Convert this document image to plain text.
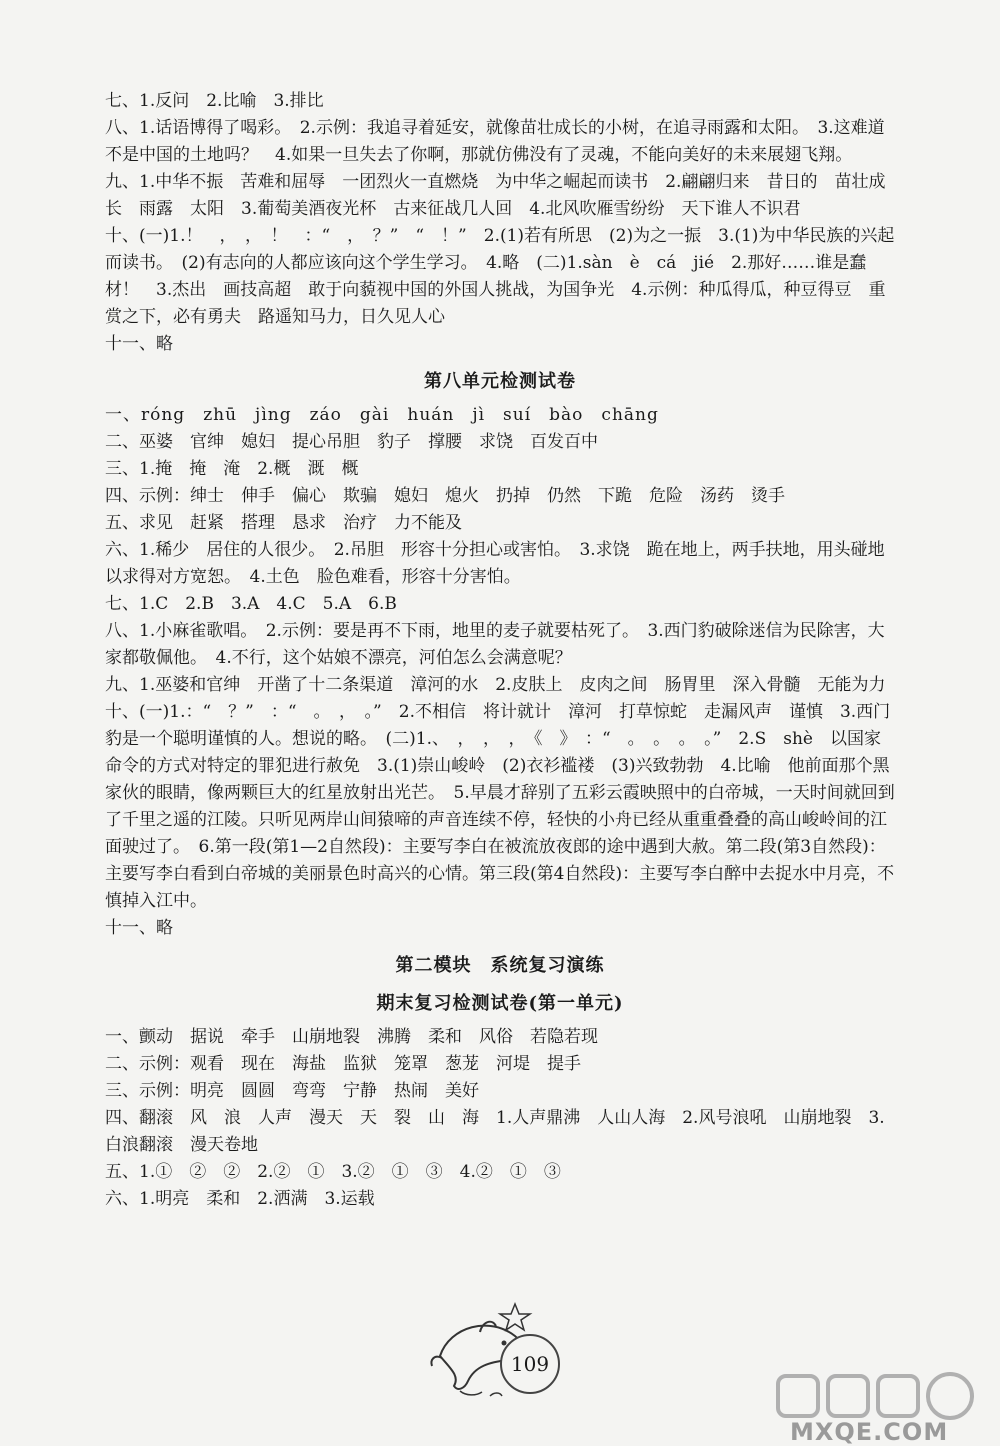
七、1.反问　2.比喻　3.排比

八、1.话语博得了喝彩。　2.示例：我追寻着延安，就像苗壮成长的小树，在追寻雨露和太阳。　3.这难道不是中国的土地吗？　4.如果一旦失去了你啊，那就仿佛没有了灵魂，不能向美好的未来展翅飞翔。

九、1.中华不振　苦难和屈辱　一团烈火一直燃烧　为中华之崛起而读书　2.翩翩归来　昔日的　苗壮成长　雨露　太阳　3.葡萄美酒夜光杯　古来征战几人回　4.北风吹雁雪纷纷　天下谁人不识君

十、(一)1.！　，　，　！　：“　，　？”　“　！”　2.(1)若有所思　(2)为之一振　3.(1)为中华民族的兴起而读书。　(2)有志向的人都应该向这个学生学习。　4.略　(二)1.sàn　è　cá　jié　2.那好……谁是蠢材！　3.杰出　画技高超　敢于向藐视中国的外国人挑战，为国争光　4.示例：种瓜得瓜，种豆得豆　重赏之下，必有勇夫　路遥知马力，日久见人心

十一、略

第八单元检测试卷

一、róng　zhū　jìng　záo　gài　huán　jì　suí　bào　chāng

二、巫婆　官绅　媳妇　提心吊胆　豹子　撑腰　求饶　百发百中

三、1.掩　掩　淹　2.概　溉　概

四、示例：绅士　伸手　偏心　欺骗　媳妇　熄火　扔掉　仍然　下跪　危险　汤药　烫手

五、求见　赶紧　搭理　恳求　治疗　力不能及

六、1.稀少　居住的人很少。　2.吊胆　形容十分担心或害怕。　3.求饶　跪在地上，两手扶地，用头碰地以求得对方宽恕。　4.土色　脸色难看，形容十分害怕。

七、1.C　2.B　3.A　4.C　5.A　6.B

八、1.小麻雀歌唱。　2.示例：要是再不下雨，地里的麦子就要枯死了。　3.西门豹破除迷信为民除害，大家都敬佩他。　4.不行，这个姑娘不漂亮，河伯怎么会满意呢？

九、1.巫婆和官绅　开凿了十二条渠道　漳河的水　2.皮肤上　皮肉之间　肠胃里　深入骨髓　无能为力

十、(一)1.：“　？”　：“　。　，　。”　2.不相信　将计就计　漳河　打草惊蛇　走漏风声　谨慎　3.西门豹是一个聪明谨慎的人。想说的略。　(二)1.、　，　，　，　《　》　：“　。　。　。　。”　2.S　shè　以国家命令的方式对特定的罪犯进行赦免　3.(1)崇山峻岭　(2)衣衫褴褛　(3)兴致勃勃　4.比喻　他前面那个黑家伙的眼睛，像两颗巨大的红星放射出光芒。　5.早晨才辞别了五彩云霞映照中的白帝城，一天时间就回到了千里之遥的江陵。只听见两岸山间猿啼的声音连续不停，轻快的小舟已经从重重叠叠的高山峻岭间的江面驶过了。　6.第一段(第1—2自然段)：主要写李白在被流放夜郎的途中遇到大赦。第二段(第3自然段)：主要写李白看到白帝城的美丽景色时高兴的心情。第三段(第4自然段)：主要写李白醉中去捉水中月亮，不慎掉入江中。

十一、略

第二模块　系统复习演练
期末复习检测试卷(第一单元)

一、颤动　据说　牵手　山崩地裂　沸腾　柔和　风俗　若隐若现

二、示例：观看　现在　海盐　监狱　笼罩　葱茏　河堤　提手

三、示例：明亮　圆圆　弯弯　宁静　热闹　美好

四、翻滚　风　浪　人声　漫天　天　裂　山　海　1.人声鼎沸　人山人海　2.风号浪吼　山崩地裂　3.白浪翻滚　漫天卷地

五、1.①　②　②　2.②　①　3.②　①　③　4.②　①　③

六、1.明亮　柔和　2.洒满　3.运载

109
MXQE.COM
